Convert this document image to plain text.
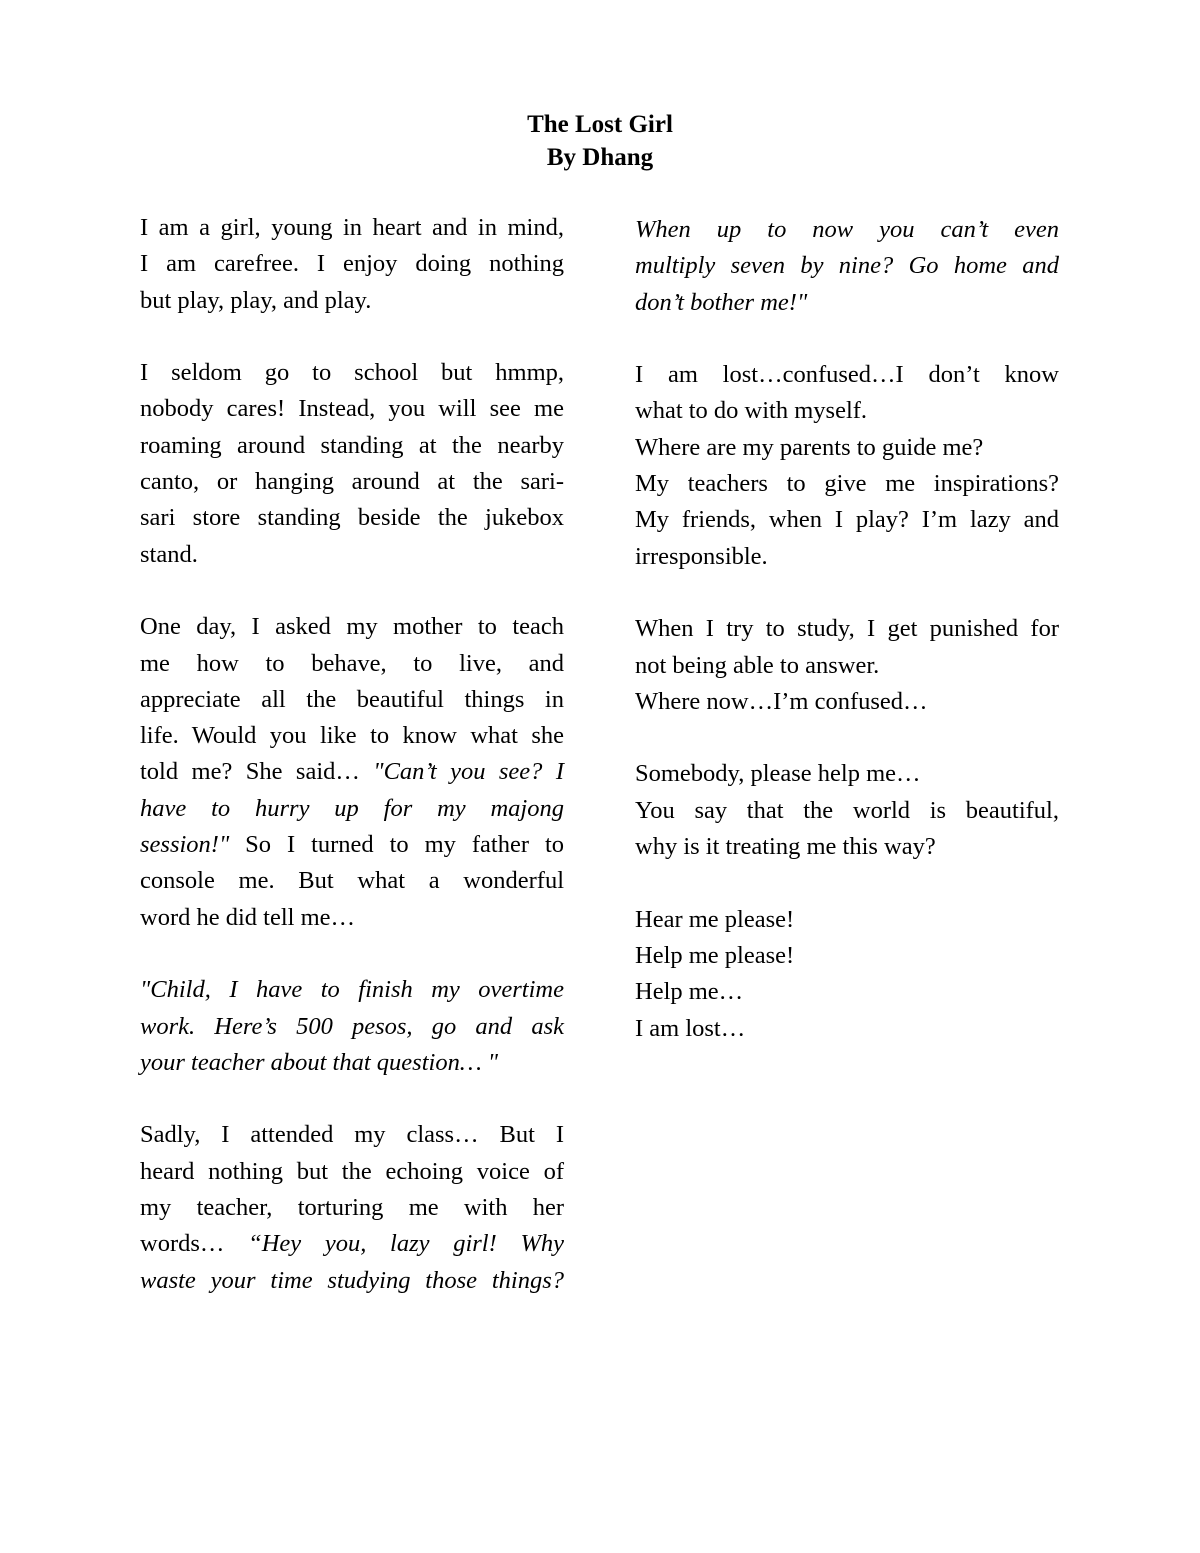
The Lost Girl
By Dhang
I am a girl, young in heart and in mind,
I am carefree. I enjoy doing nothing
but play, play, and play.
I seldom go to school but hmmp,
nobody cares! Instead, you will see me
roaming around standing at the nearby
canto, or hanging around at the sari-
sari store standing beside the jukebox
stand.
One day, I asked my mother to teach
me how to behave, to live, and
appreciate all the beautiful things in
life. Would you like to know what she
told me? She said… "Can’t you see? I
have to hurry up for my majong
session!" So I turned to my father to
console me. But what a wonderful
word he did tell me…
"Child, I have to finish my overtime
work. Here’s 500 pesos, go and ask
your teacher about that question… "
Sadly, I attended my class… But I
heard nothing but the echoing voice of
my teacher, torturing me with her
words… “Hey you, lazy girl! Why
waste your time studying those things?
When up to now you can’t even
multiply seven by nine? Go home and
don’t bother me!"
I am lost…confused…I don’t know
what to do with myself.
Where are my parents to guide me?
My teachers to give me inspirations?
My friends, when I play? I’m lazy and
irresponsible.
When I try to study, I get punished for
not being able to answer.
Where now…I’m confused…
Somebody, please help me…
You say that the world is beautiful,
why is it treating me this way?
Hear me please!
Help me please!
Help me…
I am lost…
